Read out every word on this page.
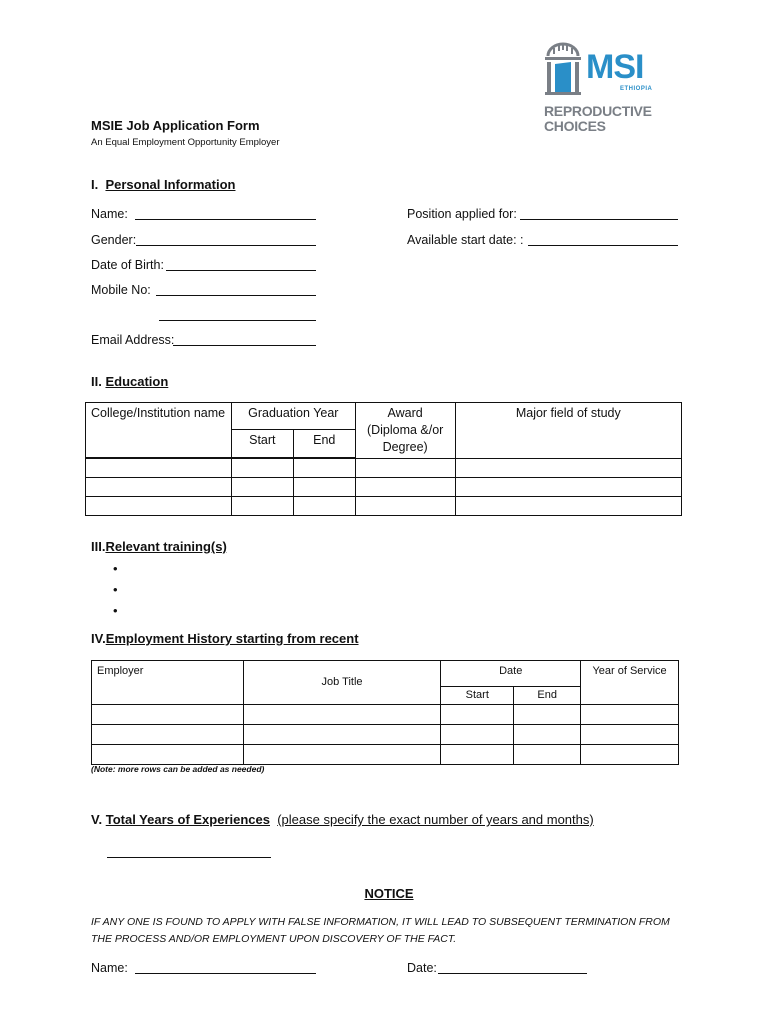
MSI
ETHIOPIA
REPRODUCTIVE
CHOICES
MSIE Job Application Form
An Equal Employment Opportunity Employer
I. Personal Information
Name:
Gender:
Date of Birth:
Mobile No:
Email Address:
Position applied for:
Available start date: :
II. Education
College/Institution name	Graduation Year		Award (Diploma &/or Degree)	Major field of study
	Start	End		

III.Relevant training(s)
•
•
•
IV.Employment History starting from recent
Employer	Job Title	Date		Year of Service
		Start	End	

(Note: more rows can be added as needed)
V. Total Years of Experiences (please specify the exact number of years and months)
NOTICE
IF ANY ONE IS FOUND TO APPLY WITH FALSE INFORMATION, IT WILL LEAD TO SUBSEQUENT TERMINATION FROM
THE PROCESS AND/OR EMPLOYMENT UPON DISCOVERY OF THE FACT.
Name:	Date:
